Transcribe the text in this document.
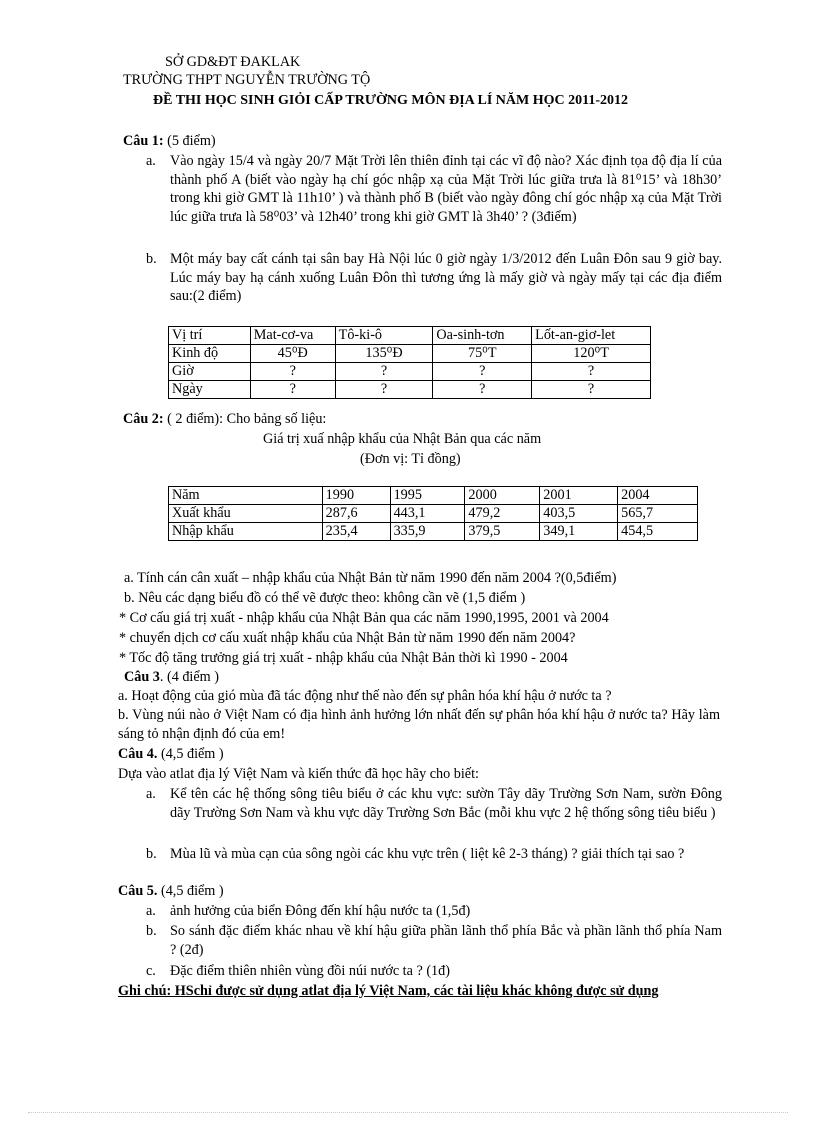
SỞ GD&ĐT ĐAKLAK
TRƯỜNG THPT NGUYỄN TRƯỜNG TỘ
ĐỀ THI HỌC SINH GIỎI CẤP TRƯỜNG MÔN ĐỊA LÍ NĂM HỌC 2011-2012
Câu 1: (5 điểm)
a. Vào ngày 15/4 và ngày 20/7 Mặt Trời lên thiên đỉnh tại các vĩ độ nào? Xác định tọa độ địa lí của thành phố A (biết vào ngày hạ chí góc nhập xạ của Mặt Trời lúc giữa trưa là 81⁰15’ và 18h30’ trong khi giờ GMT là 11h10’ ) và thành phố B (biết vào ngày đông chí góc nhập xạ của Mặt Trời lúc giữa trưa là 58⁰03’ và 12h40’ trong khi giờ GMT là 3h40’ ? (3điểm)
b. Một máy bay cất cánh tại sân bay Hà Nội lúc 0 giờ ngày 1/3/2012 đến Luân Đôn sau 9 giờ bay. Lúc máy bay hạ cánh xuống Luân Đôn thì tương ứng là mấy giờ và ngày mấy tại các địa điểm sau:(2 điểm)
Vị trí	Mat-cơ-va	Tô-ki-ô	Oa-sinh-tơn	Lốt-an-giơ-let
Kinh độ	45⁰Đ	135⁰Đ	75⁰T	120⁰T
Giờ	?	?	?	?
Ngày	?	?	?	?
Câu 2: ( 2 điểm): Cho bảng số liệu:
Giá trị xuấ nhập khẩu của Nhật Bản qua các năm
(Đơn vị: Tỉ đồng)
Năm	1990	1995	2000	2001	2004
Xuất khẩu	287,6	443,1	479,2	403,5	565,7
Nhập khẩu	235,4	335,9	379,5	349,1	454,5
a. Tính cán cân xuất – nhập khẩu của Nhật Bản từ năm 1990 đến năm 2004 ?(0,5điểm)
b. Nêu các dạng biểu đồ có thể vẽ được theo: không cần vẽ (1,5 điểm )
* Cơ cấu giá trị xuất - nhập khẩu của Nhật Bản qua các năm 1990,1995, 2001 và 2004
* chuyển dịch cơ cấu xuất nhập khẩu của Nhật Bản từ năm 1990 đến năm 2004?
* Tốc độ tăng trưởng giá trị xuất - nhập khẩu của Nhật Bản thời kì 1990 - 2004
Câu 3. (4 điểm )
a. Hoạt động của gió mùa đã tác động như thế nào đến sự phân hóa khí hậu ở nước ta ?
b. Vùng núi nào ở Việt Nam có địa hình ảnh hưởng lớn nhất đến sự phân hóa khí hậu ở nước ta? Hãy làm sáng tỏ nhận định đó của em!
Câu 4. (4,5 điểm )
Dựa vào atlat địa lý Việt Nam và kiến thức đã học hãy cho biết:
a. Kể tên các hệ thống sông tiêu biểu ở các khu vực: sườn Tây dãy Trường Sơn Nam, sườn Đông dãy Trường Sơn Nam và khu vực dãy Trường Sơn Bắc (mỗi khu vực 2 hệ thống sông tiêu biểu )
b. Mùa lũ và mùa cạn của sông ngòi các khu vực trên ( liệt kê 2-3 tháng) ? giải thích tại sao ?
Câu 5. (4,5 điểm )
a. ảnh hưởng của biển Đông đến khí hậu nước ta (1,5đ)
b. So sánh đặc điểm khác nhau về khí hậu giữa phần lãnh thổ phía Bắc và phần lãnh thổ phía Nam ? (2đ)
c. Đặc điểm thiên nhiên vùng đồi núi nước ta ? (1đ)
Ghi chú: HSchỉ được sử dụng atlat địa lý Việt Nam, các tài liệu khác không được sử dụng
